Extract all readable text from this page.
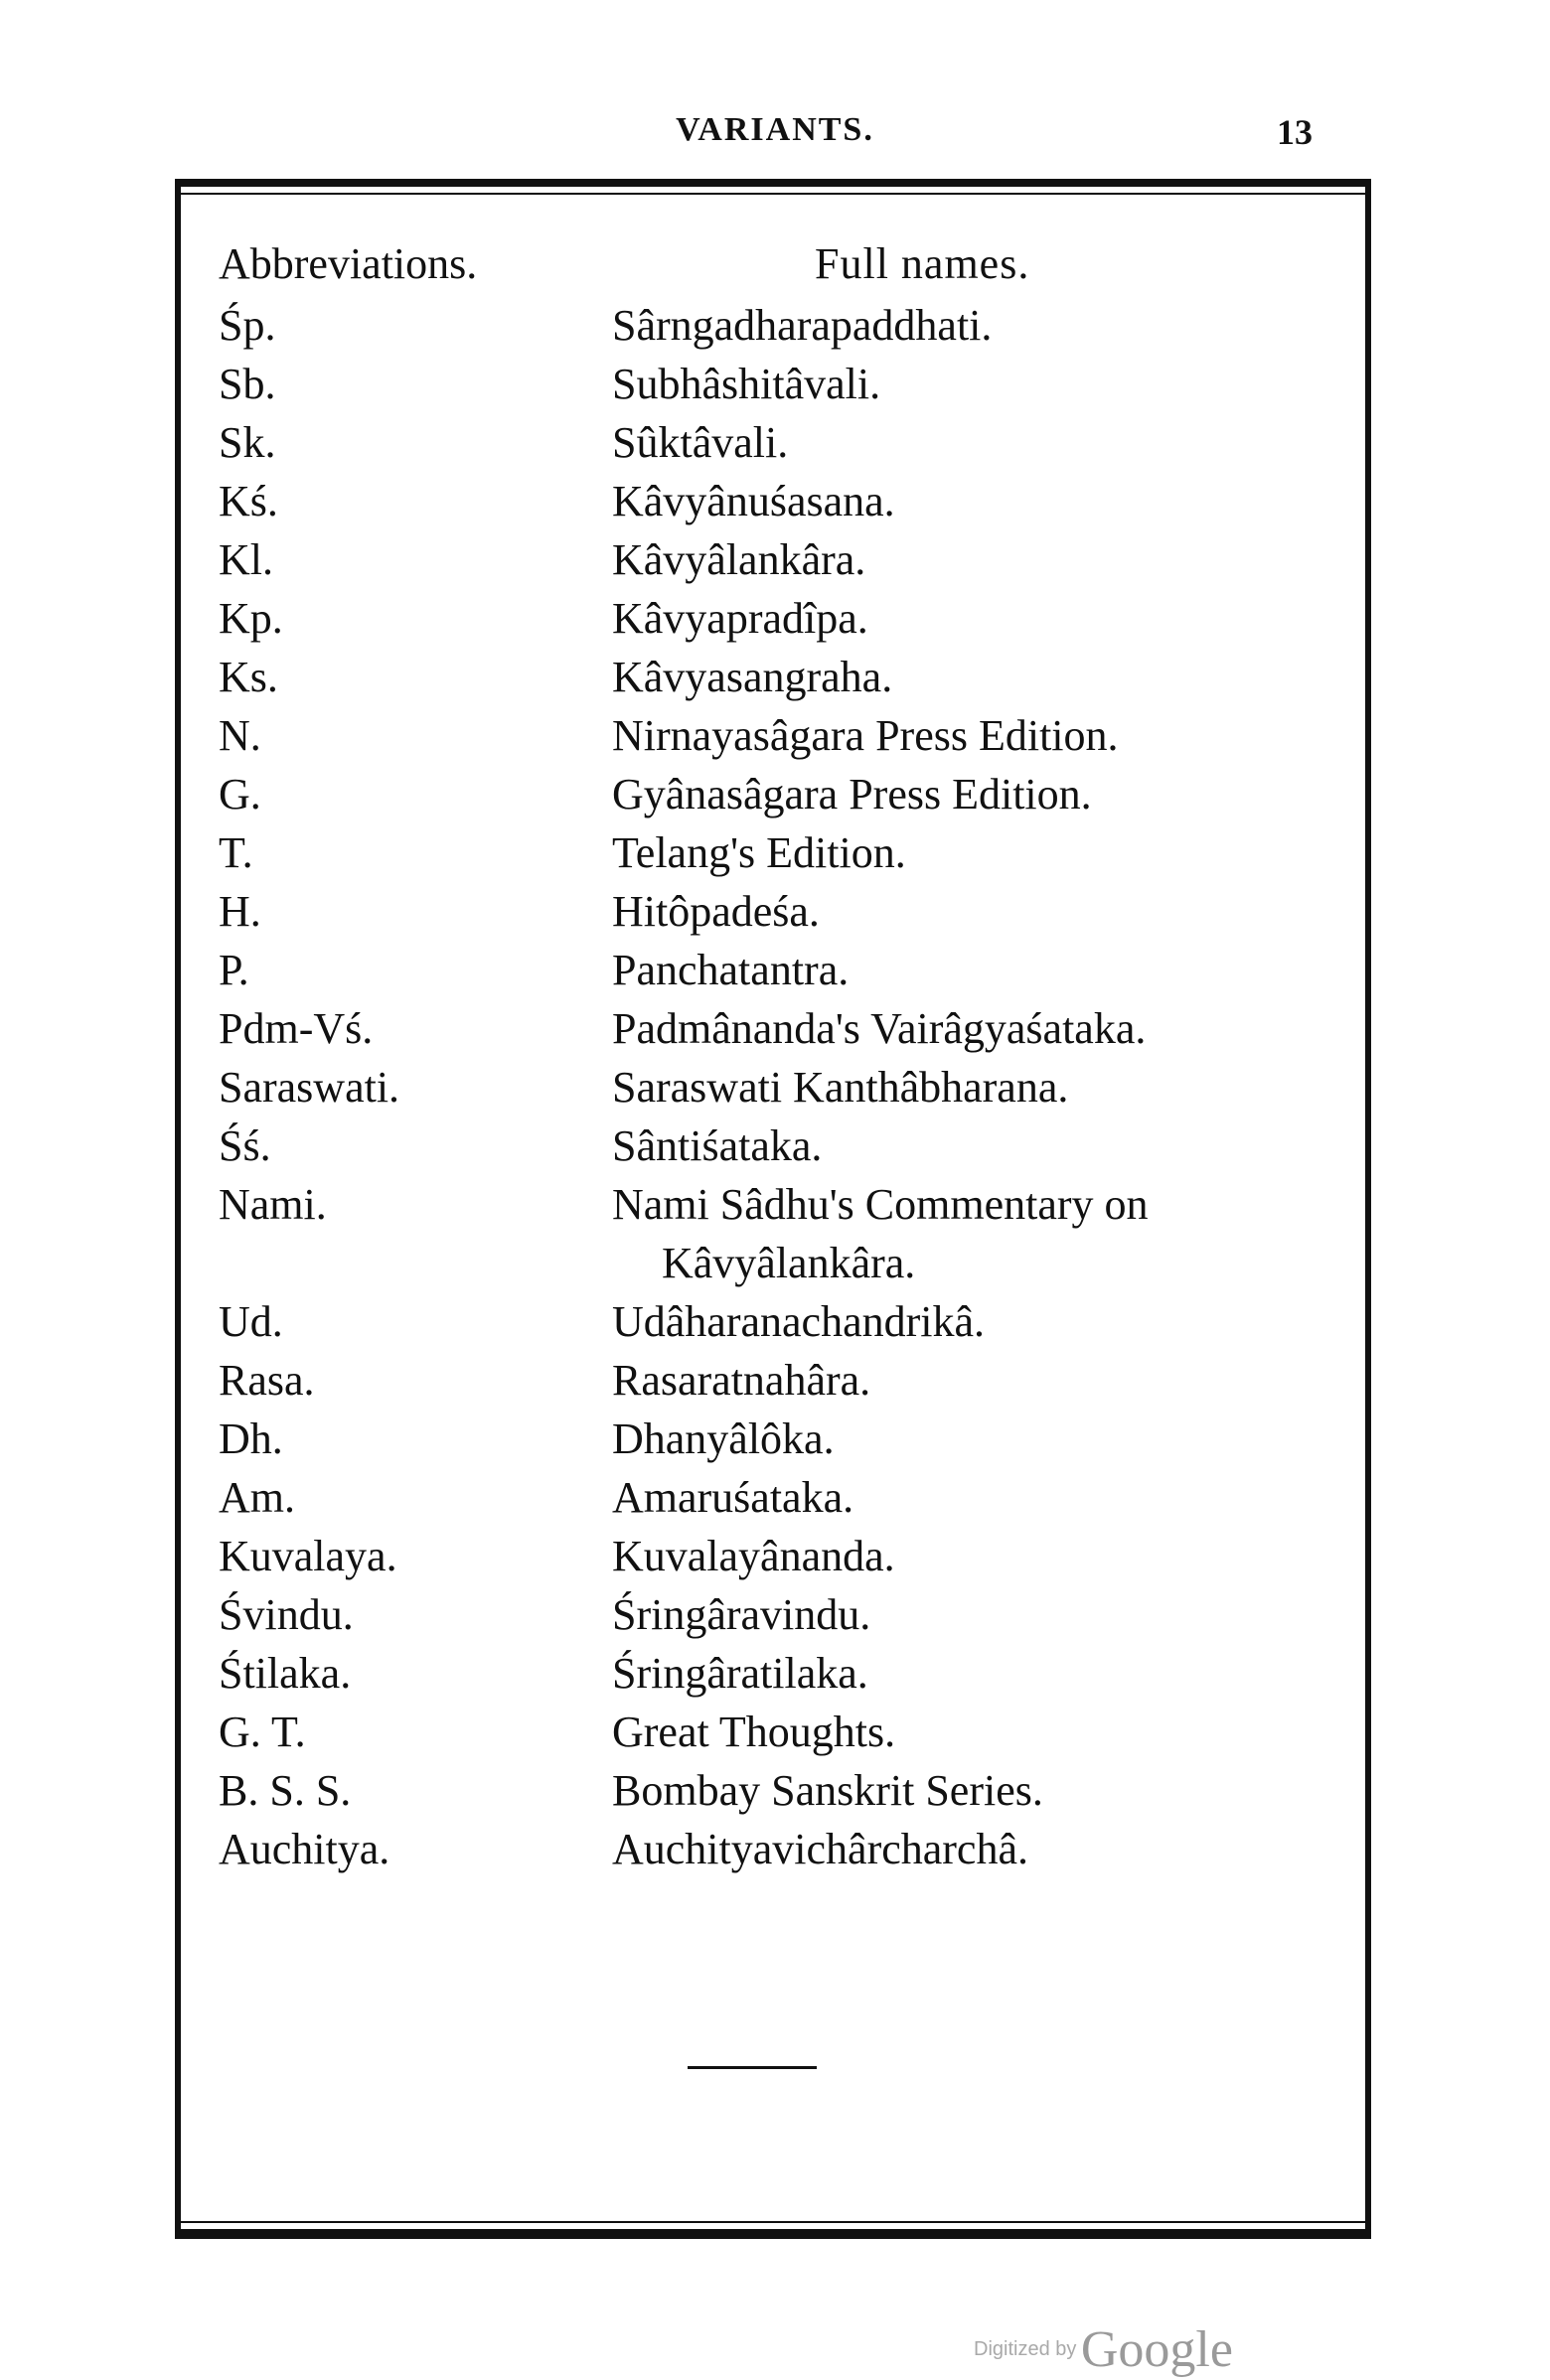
VARIANTS.	13
Abbreviations.	Full names.
Śp.	Sârngadharapaddhati.
Sb.	Subhâshitâvali.
Sk.	Sûktâvali.
Kś.	Kâvyânuśasana.
Kl.	Kâvyâlankâra.
Kp.	Kâvyapradîpa.
Ks.	Kâvyasangraha.
N.	Nirnayasâgara Press Edition.
G.	Gyânasâgara Press Edition.
T.	Telang's Edition.
H.	Hitôpadeśa.
P.	Panchatantra.
Pdm-Vś.	Padmânanda's Vairâgyaśataka.
Saraswati.	Saraswati Kanthâbharana.
Śś.	Sântiśataka.
Nami.	Nami Sâdhu's Commentary on
Kâvyâlankâra.
Ud.	Udâharanachandrikâ.
Rasa.	Rasaratnahâra.
Dh.	Dhanyâlôka.
Am.	Amaruśataka.
Kuvalaya.	Kuvalayânanda.
Śvindu.	Śringâravindu.
Śtilaka.	Śringâratilaka.
G. T.	Great Thoughts.
B. S. S.	Bombay Sanskrit Series.
Auchitya.	Auchityavichârcharchâ.
Digitized by Google
